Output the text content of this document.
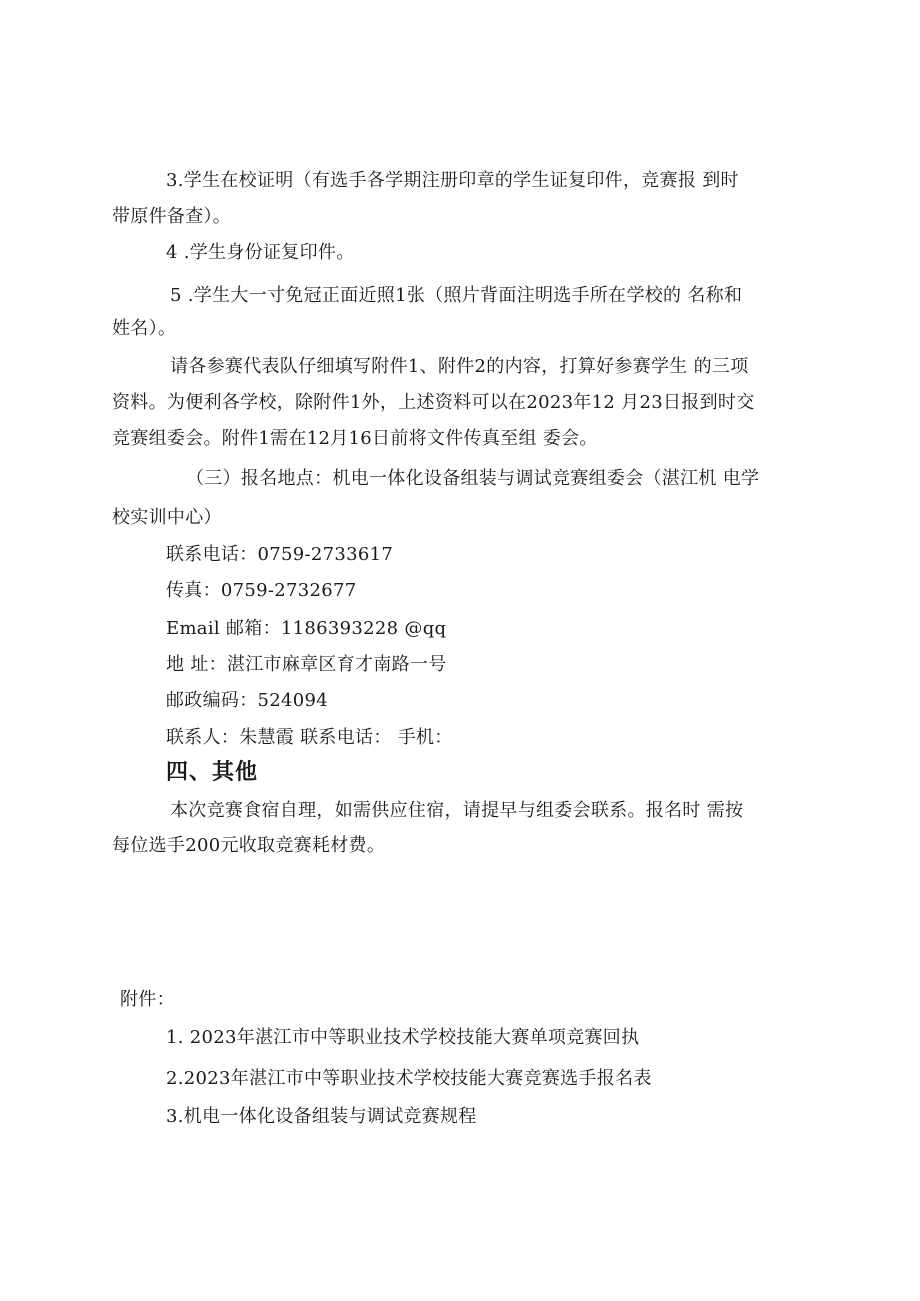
3.学生在校证明（有选手各学期注册印章的学生证复印件，竞赛报 到时
带原件备查）。
4 .学生身份证复印件。
5 .学生大一寸免冠正面近照1张（照片背面注明选手所在学校的 名称和
姓名）。
请各参赛代表队仔细填写附件1、附件2的内容，打算好参赛学生 的三项
资料。为便利各学校，除附件1外，上述资料可以在2023年12 月23日报到时交
竞赛组委会。附件1需在12月16日前将文件传真至组 委会。
（三）报名地点：机电一体化设备组装与调试竞赛组委会（湛江机 电学
校实训中心）
联系电话：0759-2733617
传真：0759-2732677
Email 邮箱：1186393228 @qq
地 址：湛江市麻章区育才南路一号
邮政编码：524094
联系人：朱慧霞 联系电话： 手机：
四、其他
本次竞赛食宿自理，如需供应住宿，请提早与组委会联系。报名时 需按
每位选手200元收取竞赛耗材费。
附件：
1. 2023年湛江市中等职业技术学校技能大赛单项竞赛回执
2.2023年湛江市中等职业技术学校技能大赛竞赛选手报名表
3.机电一体化设备组装与调试竞赛规程
